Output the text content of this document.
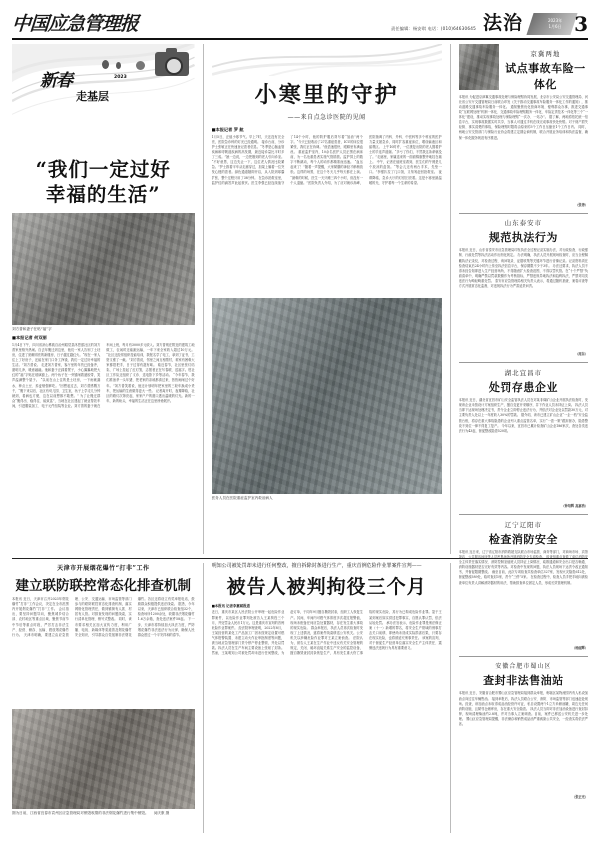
中国应急管理报	责任编辑：杨安琪 电话：(010)64630645 法治	2023年
1月6日 3
新春
走基层
2023
“我们一定过好
幸福的生活”
刘方普和妻子在贴“福”字
■本报记者 何双丽
1月4日下午，四川省凉山彝族自治州昭觉县沐恩邸社区的刘方普家里格外热闹。自去年搬迁到这里，他们一家人告别了土坯房，住进了宽敞明亮的新楼房，日子越过越红火。“现在一家人住上了好房子，还能在家门口务工挣钱，我们一定过好幸福的生活。”刘方普说。 走进刘方普家，客厅里的年货已经备齐，窗明几净，暖意融融。他和妻子正踩着凳子，小心翼翼地把大红的“福”字贴在玻璃窗上。两个孩子在一旁嬉闹着递胶带，笑声溢满整个屋子。 “以前在山上住的是土坯房，一下雨就漏水，种点土豆、荞麦勉强够吃。”回想起过去，刘方普感慨万千，“搬下来以后，社区有幼儿园、卫生室，孩子上学走几分钟就到，看病也方便，这在以前想都不敢想。” 为了让搬迁群众“搬得出、稳得住、能致富”，当地在社区建起了就业帮扶车间，引进服装加工、电子元件组装等企业。刘方普的妻子就在车间上班，每月有3000多元收入。刘方普则在附近的建筑工地做工，农闲时还能跑运输，一年下来全家收入超过10万元。 “社区还经常组织技能培训，我报名学了电工，拿到了证书，工资又涨了一截。”刘方普说，邻里之间互相帮衬，谁家有困难大家都搭把手，日子过得有滋有味。 临近春节，社区里张灯结彩，广场上挂起了红灯笼，志愿者正在写春联、送福字。驻社区工作队还组织了义诊、送电影下乡等活动。 “今年春节，我们准备杀一头年猪，把老家的亲戚都请过来，热热闹闹过个好年。”刘方普笑着说，他还计划明年把家里的三轮车换成小货车，把运输的生意做得更大一些。 记者离开时，夜幕降临，社区的路灯次第亮起，家家户户的窗口透出温暖的灯光。新的一年，新的盼头，幸福的生活正在这里徐徐展开。
小寒里的守护
——来自点急诊医院的见闻
■本报记者 罗 航
1月5日，正值小寒节气。早上7时，天还没有完全亮，医院急诊科的灯光已经通明。 接诊台前，分诊护士张敏正在快速登记患者信息。“冬季是心脑血管疾病和呼吸道疾病的高发期，最近接诊量比平时多了三成。”她一边说，一边把刚到的老人引向诊室。 “不好意思，这边先让一下，这位老人情况比较紧急。”护士推着平车从走廊穿过，担架上躺着一位突发心梗的患者。绿色通道随即开启，从入院到球囊扩张，整个过程只用了38分钟。 在急诊抢救室里，监护仪的滴答声此起彼伏。医生李强已经连续值守了14个小时，他的防护服后背写着“加油”两个字。“今天已经收治了27名重症患者，ICU的床位很紧张，我们正在协调。”他语速很快，眼睛里布满血丝。 重症监护室内，10余名医护人员正围在病床前，为一名危重患者实施气管插管。监护屏上的数字不断跳动，每个人的动作都精准而迅速。 “血压起来了！”随着一声提醒，大家紧绷的神经才稍稍放松。这样的场景，在这个冬天几乎每天都在上演。 “最难的时候，医生一天只睡三四个小时，但没有一个人退缩。”医院负责人介绍，为了应对就诊高峰，医院抽调了内科、外科、中医科等多个科室的医护力量支援急诊，同时扩容重症床位，增设输液区和留观区。 上午10时许，一位康复出院的老人握着护士的手连声道谢。“多亏了你们，不然我这条命就没了。”走廊里，家属送来的一面面锦旗整齐地挂在墙上。 中午，记者在值班室看到，医生们的午餐是几个放凉的盒饭。“等会儿还有两台手术，先垫一口。”李强扒拉了几口饭，又匆匆赶回抢救室。 夜幕降临，急诊大厅的灯依旧亮着。这是小寒里最温暖的光，守护着每一个生命的希望。
医务人员在医院重症监护室内救治病人
京冀两地
试点事故车险一体化
本报讯 为促进京津冀交通事故处理与保险理赔协同发展，北京市公安局公安交通管理局、河北省公安厅交通管理局日前联合印发《关于推动交通事故车险服务一体化工作的通知》，推动道路交通事故车险服务一体化。 通知聚焦优化营商环境、便利群众办事，推进交通事故“互联网处理”机制一体化、交通事故车险理赔服务一体化、车险定责技术一体化等三个“一体化”建设，推动实现事故处理与保险理赔“一次办、一站办”。 据了解，两地将依托统一信息平台，实现事故数据实时共享，当事人可通过手机在线完成事故快处快赔。对于财产损失轻微、事实清楚的事故，保险理赔时限将由原来的3个工作日压缩至1个工作日内。 同时，两地公安交管部门与保险行业协会将建立定期会商机制，联合开展业务培训和执法监督，确保一体化服务规范有序推进。
（张涛）
山东泰安市
规范执法行为
本报讯 近日，山东省泰安市应急管理局印发执法全过程记录实施办法，对行政检查、行政强制、行政处罚等执法活动作出细化规定。 办法明确，执法人员开展现场检查时，应当全程佩戴执法记录仪，对检查过程、询问笔录、证据收集等关键环节进行音像记录。记录资料须在检查结束后24小时内上传至执法信息平台，保存期限不少于3年。 办法还要求，执法人员不得未经告知即进入生产经营场所，不得随意扩大检查范围，不得以罚代管。在“十个严禁”负面清单中，明确严禁以罚款数额作为考核指标，严禁违规异地执法和趋利执法，严禁对同类违法行为畸轻畸重处罚。 泰安市应急管理局相关负责人表示，将通过随机抽查、案卷评查等方式开展常态化监督，对违规执法行为严肃追责问责。
（周东）
湖北宜昌市
处罚存患企业
本报讯 近日，湖北省宜昌市矿山安全监管执法人员在对某非煤矿山企业开展执法检查时，发现该企业未按设计方案组织生产，擅自变更开采顺序，井下作业人员未持证上岗。 执法人员当即下达现场处理决定书，责令企业立即停止违法行为，并依法对企业处以罚款30万元，对主要负责人处以上一年度收入30%的罚款。 据介绍，该市已建立矿山企业“一企一档”安全监管台账，将存在重大事故隐患的企业列入重点监管名单，实行“一患一策”跟踪督办，隐患整改不到位一律不得复工复产。 今年以来，宜昌市已累计检查矿山企业186家次，查处各类违法行为43起，督促整改隐患520项。
（钟绍辉 高嘉浩）
辽宁辽阳市
检查消防安全
本报讯 连日来，辽宁省辽阳市消防救援支队联合市场监管、商务等部门，对商场市场、宾馆饭店、公共娱乐场所等人员密集场所开展消防安全专项检查。 检查组重点查看了单位消防安全主体责任落实情况、消防控制室值班人员持证上岗情况、疏散通道和安全出口是否畅通、消防设施器材是否完好有效等内容。对检查中发现的问题，执法人员现场下达责令改正通知书，并督促限期整改。 截至目前，此次专项检查共检查单位327家，发现火灾隐患612处，督促整改589处，临时查封3家，责令“三停”5家。 在检查过程中，检查人员手把手地向被检查单位负责人讲解消防器材的用法，帮助排查单位固定人员，形成长效管理机制。
（杨丽辉）
安徽合肥市蜀山区
查封非法售油站
本报讯 近日，安徽省合肥市蜀山区应急管理局接到群众举报，称辖区某物流园内有人私设加油点向过往车辆售油。 接到举报后，执法人员联合公安、消防、市场监管等部门迅速赶赴现场。经查，该加油点未取得成品油经营许可证，私自设置两个1立方米储油罐，周边无任何消防设施，且紧邻仓储库房，存在重大安全隐患。 执法人员当即对非法加油设备进行查封扣押，现场清理柴油约2.8吨，并对当事人立案调查。目前，案件已移送公安机关进一步处理。 蜀山区应急管理局提醒，非法储存和销售成品油严重威胁公共安全，一经查实将依法严惩。
（张正光）
天津市开展烟花爆竹“打非”工作
建立联防联控常态化排查机制
本报讯 近日，天津市召开2023年烟花爆竹“打非”工作会议，决定在全市范围内开展烟花爆竹“打非”工作。 会议指出，要坚持问题导向，聚焦城乡结合部、农村地区等重点区域，聚焦节前节中节后等重点时段，严厉打击非法生产、经营、储存、运输、燃放烟花爆竹行为。 天津市明确，要建立由应急管理、公安、交通运输、市场监管等部门参与的联防联控常态化排查机制，落实网格化管理责任，做到镇街有人抓、村居有人管。对排查发现的问题线索，实行清单化管理、销号式整改。 同时，该市要求相关区加大宣传力度，利用广播、电视、新媒体等渠道普及烟花爆竹安全知识，引导群众自觉抵制非法烟花爆竹。各区还将设立有奖举报电话，鼓励群众积极提供违法线索。 据悉，今年以来，天津市已组织联合检查组32个，检查场所1200余处，收缴非法烟花爆竹1.6万余箱，查处违法案件58起。 下一步，天津市将持续加大执法力度，严防烟花爆竹非法违法行为反弹，确保人民群众度过一个平安祥和的春节。
图为日前，江西省宜春市袁州区应急管理局对销毁收缴的非法烟花爆竹进行集中销毁。 闵庆康 摄
明知公司被处罚却未进行任何整改，擅自拆除封条进行生产，重庆首例危险作业罪案件宣判——
被告人被判拘役三个月
■本报讯 记者李嘉斌报道
近日，重庆市某区人民法院公开审理一起危险作业罪案件，以危险作业罪判处被告人王某拘役三个月，并处罚金人民币1万元。这是重庆市宣判的首例危险作业罪案件。 经法院审理查明，2022年8月，王某经营的某化工产品加工厂因未按规定设置可燃气体报警装置、未建立动火作业审批制度等问题，被当地应急管理部门责令停产停业整顿，并处以罚款。执法人员在生产车间主要设备上张贴了封条。 然而，王某明知公司被处罚却未进行任何整改，为赶订单，于同年9月擅自撕毁封条，组织工人恢复生产。其间，车间内可燃气体浓度多次超过报警值，现场未配备任何应急处置器材，存在发生重大事故的现实危险。 群众举报后，执法人员再次检查时发现了上述情况，遂将案件线索移送公安机关。公安机关以涉嫌危险作业罪对王某立案侦查。 法院认为，被告人王某在生产作业中违反有关安全管理的规定，关闭、破坏直接关系生产安全的监控设备，擅自撕毁查封封条恢复生产，具有发生重大伤亡事故的现实危险，其行为已构成危险作业罪。鉴于王某到案后如实供述犯罪事实，自愿认罪认罚，依法从轻处罚。 承办法官表示，危险作业罪是刑法修正案（十一）新增的罪名，将安全生产领域的刑事打击关口前移，即使尚未造成实际损害后果，只要存在现实危险，也将被追究刑事责任。 该案的宣判，对于督促生产经营单位落实安全生产主体责任、震慑违法违规行为具有重要意义。
